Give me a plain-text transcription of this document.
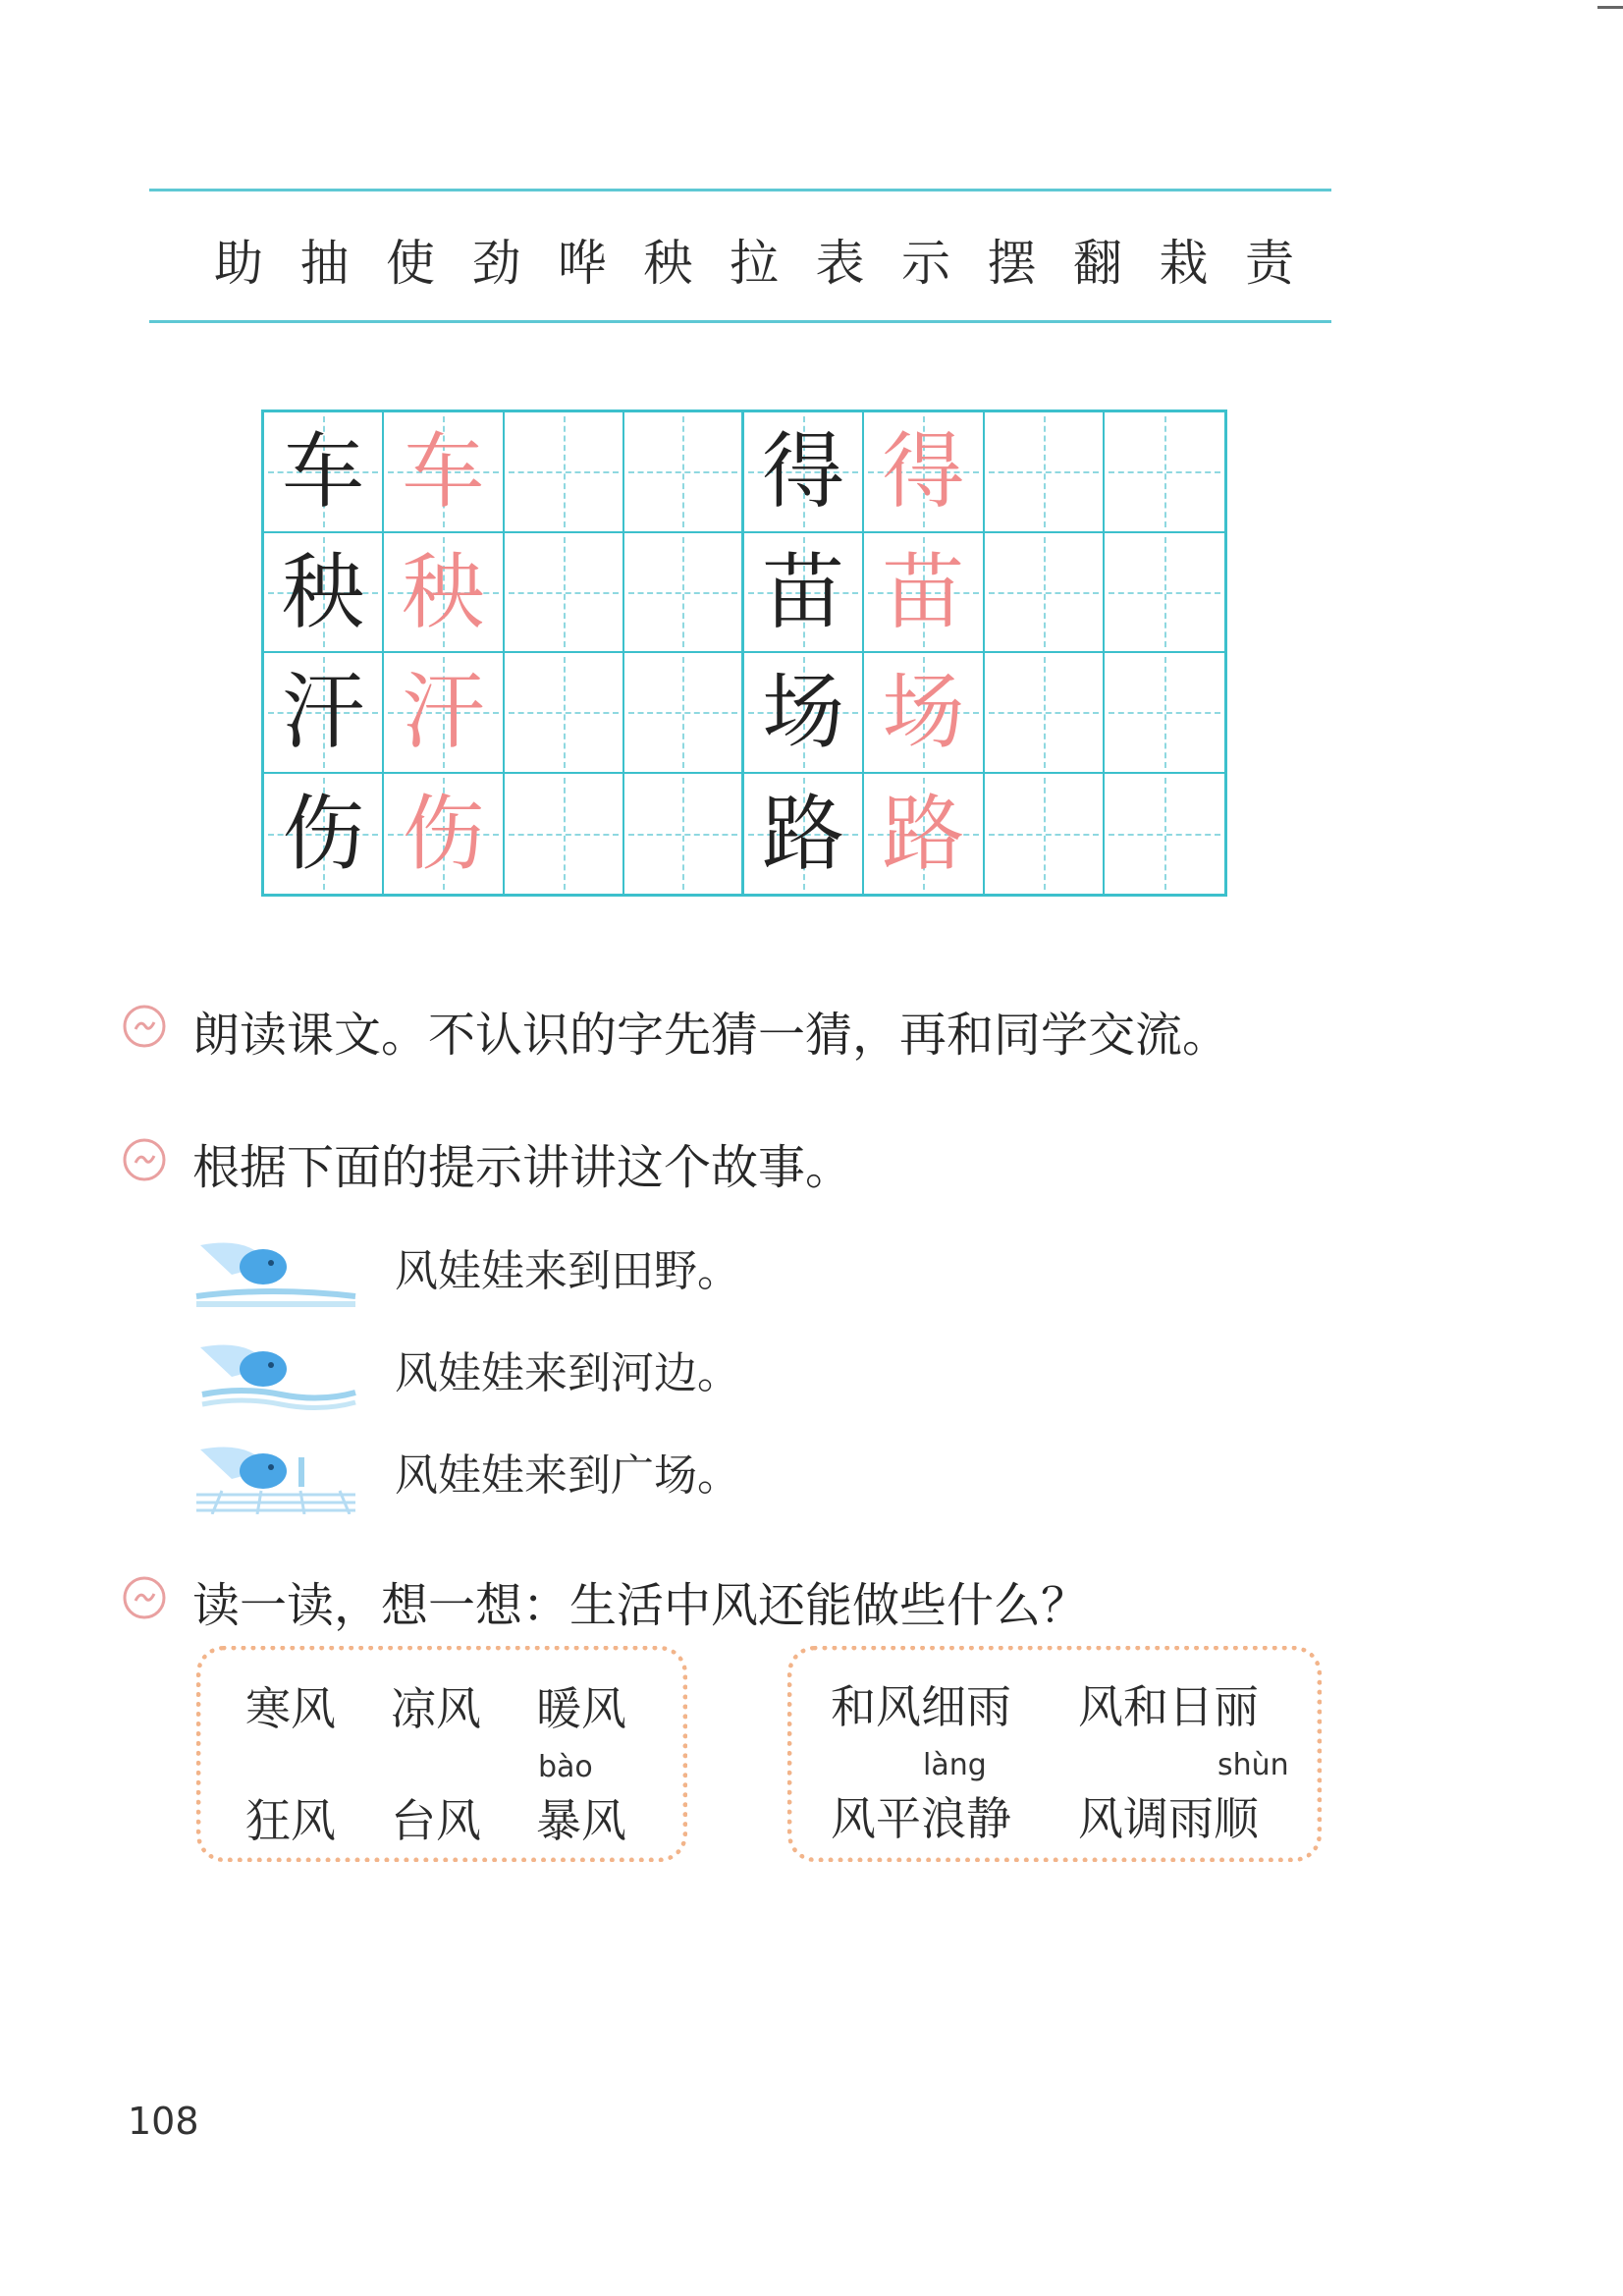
助 抽 使 劲 哗 秧 拉 表 示 摆 翻 栽 责
车 车	得 得
秧 秧	苗 苗
汗 汗	场 场
伤 伤	路 路
朗读课文。不认识的字先猜一猜，再和同学交流。
根据下面的提示讲讲这个故事。
风娃娃来到田野。
风娃娃来到河边。
风娃娃来到广场。
读一读，想一想：生活中风还能做些什么？
寒风 凉风 暖风
bào
狂风 台风 暴风
和风细雨 风和日丽
làng	shùn
风平浪静 风调雨顺
108
